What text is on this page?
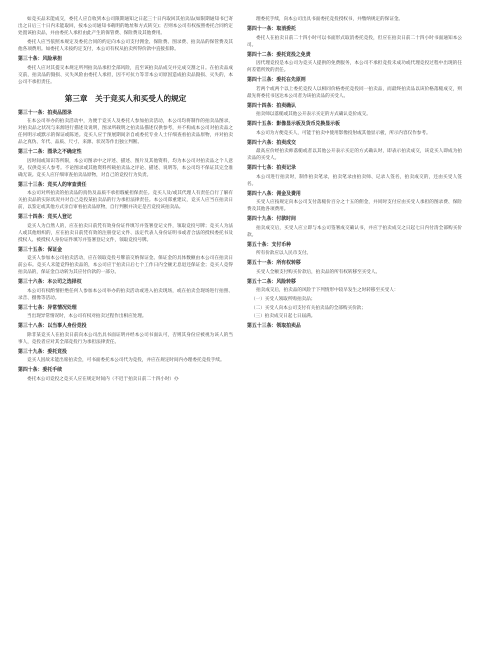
如竞买品未能成交，委托人应自收到本公司限期通知之日起三十日内取回其拍卖品(如限期通知书已寄出之日后三十日内未能取回，按本公司通知书载明的地址和方式转交)；否则本公司有权按照委托合同约定处置该拍卖品，并由委托人承担由此产生的保管费、保险费及其他费用。

委托人应当依照本规定及委托合同的约定向本公司支付佣金、保险费、图录费、拍卖品的保管费及其他各项费用。如委托人未按约定支付，本公司有权从拍卖所得价款中直接扣除。

第三十条：风险承担

委托人应对其提交本规定所列拍卖品承担全部风险，直至该拍卖品成交并完成交割之日。在拍卖品成交前，拍卖品的毁损、灭失风险由委托人承担，因不可抗力等非本公司原因造成拍卖品毁损、灭失的，本公司不承担责任。

第三章　关于竞买人和买受人的规定
第三十一条：拍卖品图录

在本公司举办的拍卖活动中，为便于竞买人及委托人参加拍卖活动，本公司均将制作的拍卖品图录，对拍卖品之状况与来源进行描述及说明，图录所载明之拍卖品描述仅供参考，并不构成本公司对拍卖品之任何明示或默示的保证或陈述。竞买人应于预展期间亲自或委托专业人士仔细查看拍卖品原物，并对拍卖品之真伪、年代、品质、尺寸、来源、状况等作出独立判断。

第三十二条：图录之不确定性

因时间或知识等所限，本公司图录中之评述、描述、图片及其他资料，均为本公司对拍卖品之个人意见，仅供竞买人参考。不论图录或其他资料所载拍卖品之评论、描述、说明等，本公司均不保证其完全准确无误。竞买人应仔细审查拍卖品原物，对自己的竞投行为负责。

第三十三条：竞买人的审查责任

本公司对所拍卖的拍卖品的真伪及品质不承担瑕疵担保责任。竞买人及/或其代理人有责任自行了解有关拍卖品的实际状况并对自己竞投某拍卖品的行为承担法律责任。本公司郑重建议，竞买人应当在拍卖日前，以鉴定或其他方式亲自审看拍卖品原物，自行判断并决定是否竞投该拍卖品。

第三十四条：竞买人登记

竞买人为自然人的，应在拍卖日前凭有效身份证件填写并签署登记文件，领取竞投号牌；竞买人为法人或其他组织的，应在拍卖日前凭有效的注册登记文件、法定代表人身份证明书或者合法的授权委托书及授权人、被授权人身份证件填写并签署登记文件，领取竞投号牌。

第三十五条：保证金

竞买人参加本公司拍卖活动，应在领取竞投号牌前交纳保证金。保证金的具体数额由本公司在拍卖日前公布。竞买人未能竞得拍卖品的，本公司应于拍卖日后七个工作日内全额无息退还保证金；竞买人竞得拍卖品的，保证金自动转为其应付价款的一部分。

第三十六条：本公司之选择权

本公司有权酌情拒绝任何人参加本公司举办的拍卖活动或进入拍卖现场，或在拍卖会现场进行拍照、录音、摄像等活动。

第三十七条：异常情况处理

当出现异常情况时，本公司有权对拍卖过程作出相应处理。

第三十八条：以当事人身份竞投

除非某竞买人在拍卖日前向本公司出具书面证明并经本公司书面认可，否则其身份应被视为该人的当事人，竞投者应对其全部竞投行为承担法律责任。

第三十九条：委托竞投

竞买人因故未能出席拍卖会，可书面委托本公司代为竞投，并应在规定时间内办理委托竞投手续。

第四十条：委托手续

委托本公司竞投之竞买人应在规定时间内（不迟于拍卖日前二十四小时）办

理委托手续，向本公司出具书面委托竞投授权书，并缴纳规定的保证金。

第四十一条：取消委托

委托人在拍卖日前二十四小时可以书面形式取消委托竞投，但应在拍卖日前二十四小时书面通知本公司。

第四十二条：委托竞投之免责

因代理竞投是本公司为竞买人提供的免费服务，本公司不承担竞投未成功或代理竞投过程中出现的任何差错所致的责任。

第四十三条：委托在先原则

若两个或两个以上委托竞投人以相同价格委托竞投同一拍卖品，而最终拍卖品以该价格落槌成交，则最先将委托书送达本公司者为该拍卖品的买受人。

第四十四条：拍卖确认

拍卖师以落槌或其他公开表示买定的方式确认竞价成交。

第四十五条：影像显示板及货币兑换显示板

本公司为方便竞买人，可能于拍卖中使用影像投射或其他显示板，所示内容仅作参考。

第四十六条：拍卖成交

最高应价经拍卖师落槌或者以其他公开表示买定的方式确认时，即表示拍卖成交，该竞买人即成为拍卖品的买受人。

第四十七条：拍卖记录

本公司进行拍卖时，制作拍卖笔录，拍卖笔录由拍卖师、记录人签名，拍卖成交的，还由买受人签名。

第四十八条：佣金及费用

买受人应按规定向本公司支付落槌价百分之十五的佣金，并同时支付应由买受人承担的图录费、保险费及其他各项费用。

第四十九条：付款时间

拍卖成交后，买受人应立即与本公司签署成交确认书，并应于拍卖成交之日起七日内付清全部购买价款。

第五十条：支付币种

所有价款应以人民币支付。

第五十一条：所有权转移

买受人全额支付购买价款后，拍卖品的所有权转移至买受人。

第五十二条：风险转移

拍卖成交后，拍卖品的风险于下列情形中较早发生之时转移至买受人：

（一）买受人领取所购拍卖品；
（二）买受人向本公司支付有关拍卖品的全部购买价款；
（三）拍卖成交日起七日届满。
第五十三条：领取拍卖品
